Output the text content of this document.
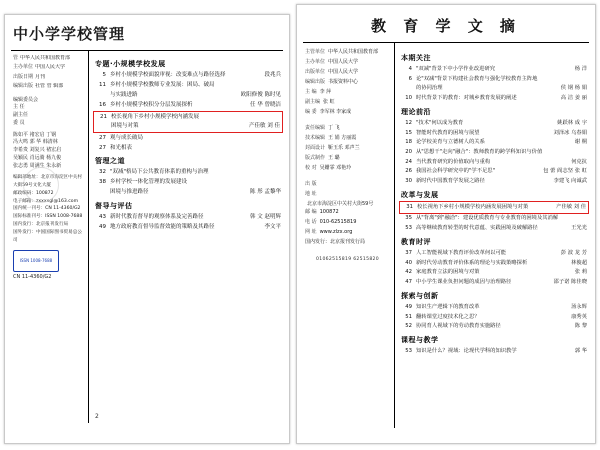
中小学学校管理
管 中华人民共和国教育部
主办单位 中国人民大学
出版日期 月刊
编辑出版 社管 管 辑部
编辑委员会
主 任
副主任
委 员
陈如平 褚宏启 丁钢
冯大鸣 郭 华 韩清林
李希贵 刘复兴 褚宏启
吴颖民 肖远骑 杨九俊
张志勇 周满生 朱永新
编辑部地址：北京市海淀区中关村
大街59号文化大厦
邮政编码：100872
电子邮箱：zxxxxgl@163.com
国内统一刊号：CN 11-4360/G2
国际标准刊号：ISSN 1008-7688
国内发行：北京报刊发行局
国外发行：中国国际图书贸易总公司
ISSN 1008-7688
CN 11-4360/G2
专题·小规模学校发展
5 乡村小规模学校面貌审视：改变难点与路径选择	段兆兵
11 乡村小规模学校教师专业发展：困局、破局
与实践进路	欧阳修俊 陈时见
16 乡村小规模学校积分分层发展探析	任 华 曾晓洁
21 校长视角下乡村小规模学校内涵发展
困境与对策	产佳敏 刘 佳
27 观与成长破局
27 和光相表
管理之道
32 "双减"格局下公共教育体系的重构与治理
38 乡村学校一体化管理的发展建设
困境与推进路径	陈 彤 孟黎华
督导与评估
43 新时代教育督导的观察体系及完善路径	韩 文 赵明辉
49 地方政府教育督导监督效能的策略及其路径	李文平
2
教 育 学 文 摘
主管单位 中华人民共和国教育部
主办单位 中国人民大学
出版单位 中国人民大学
编辑出版 书报资料中心
主 编 李 萍
副主编 张 虹
编 委 李军林 李家成
责任编辑 丁 飞
技术编辑 王 娟 方丽霞
封面设计 靳玉乐 邓声兰
版式制作 王 璐
校 对 吴姗霏 邓艳玲
出 版
地 址
北京市海淀区中关村大街59号
邮 编 100872
电 话 010-62515819
网 址 www.zlzx.org
国内发行：北京报刊发行局
01062515819 62515820
本期关注
4 "双减"背景下中小学作业改进研究	杨 洋
6 论"双减"背景下构建社会教育与强化学校教育主阵地
的协同治理	侯 钢 杨 娟
10 时代背景下的教育：对城乡教育发展的阐述	高 洁 姜 丽
理论前沿
12 "技术"何以成为教育	姚跃林 成 宇
15 智能时代教育的困境与展望	刘泽冰 乌春娟
18 论学校美育与立德树人的关系	谢 桐
20 从"思想干"走向"融合"：教师教育的跨学科知识与价值
24 当代教育研究的价值取向与重构	何克抗
26 我国社会科学研究中的"学不足思"	包 蕾 阎志坚 张 虹
30 新时代中国教育学发展之路径	李建飞 向诚武
改革与发展
31 校长视角下乡村小规模学校内涵发展困境与对策	产佳敏 刘 佳
35 从"背离"到"融洽"：建设优质教育与专业教育的困境及其消解
53 高等继续教育转型的时代意蕴、实践困境及破解路径	王光光
教育时评
37 人工智能视域下教育评价改革何以可能	彭 波 龙 芳
40 新时代劳动教育评价体系的理论与实践策略探析	林俊超
42 家庭教育立法的困境与对策	张 莉
47 中小学生课业负担问题的成因与治理路径	邵子诺 陈佳晓
探索与创新
49 知识生产逻辑下的教育改革	汤永辉
51 翻转课堂过度技术化之思？	康秀英
52 协同育人视域下的劳动教育实施路径	陈 黎
课程与教学
53 知识是什么？视域：论现代学科的知识教学	郭 华
